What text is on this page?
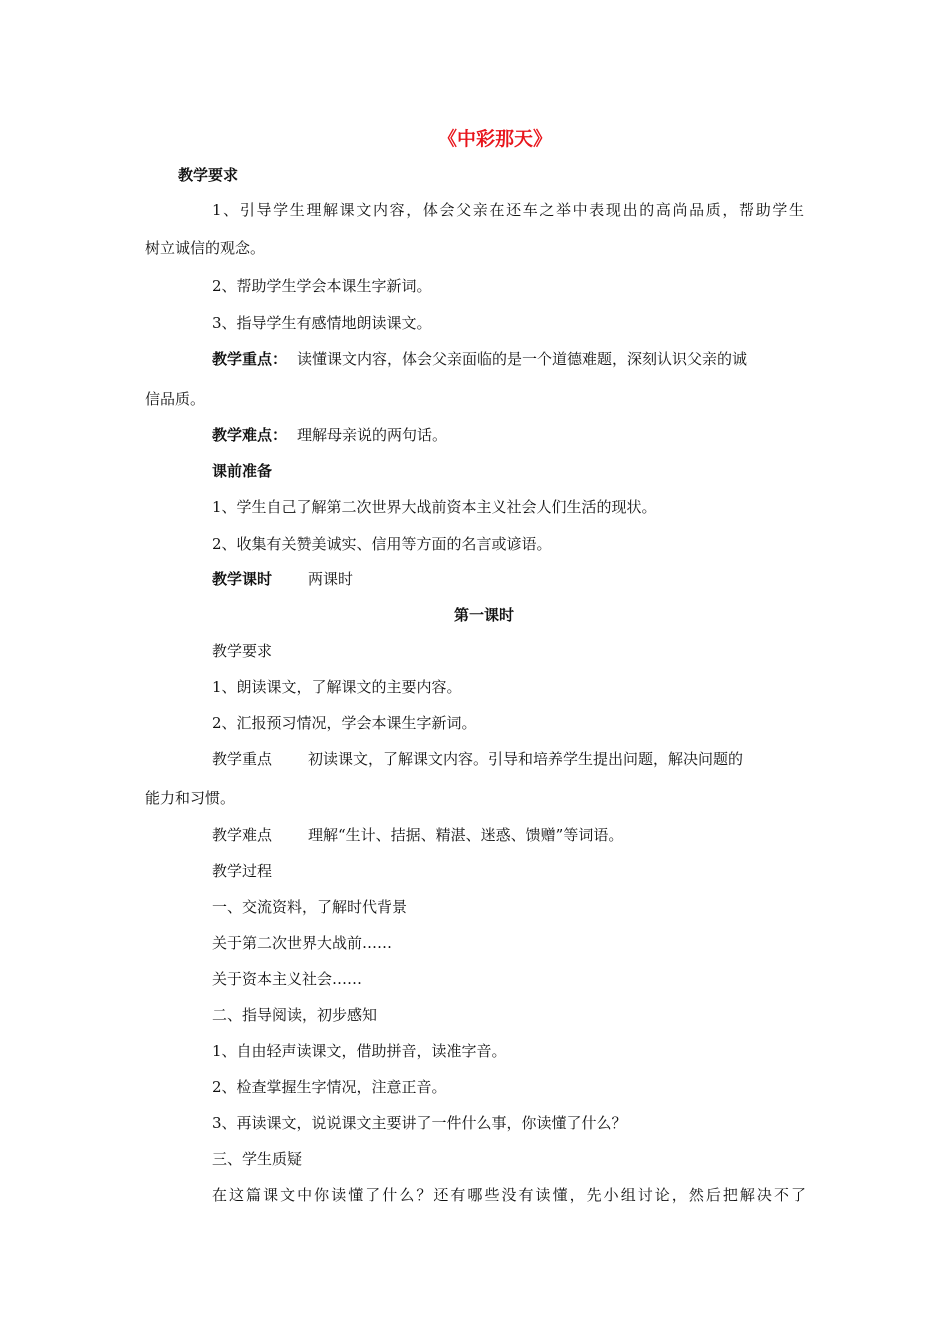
《中彩那天》
教学要求
1、引导学生理解课文内容，体会父亲在还车之举中表现出的高尚品质，帮助学生
树立诚信的观念。
2、帮助学生学会本课生字新词。
3、指导学生有感情地朗读课文。
教学重点： 读懂课文内容，体会父亲面临的是一个道德难题，深刻认识父亲的诚
信品质。
教学难点： 理解母亲说的两句话。
课前准备
1、学生自己了解第二次世界大战前资本主义社会人们生活的现状。
2、收集有关赞美诚实、信用等方面的名言或谚语。
教学课时 两课时
第一课时
教学要求
1、朗读课文，了解课文的主要内容。
2、汇报预习情况，学会本课生字新词。
教学重点 初读课文，了解课文内容。引导和培养学生提出问题，解决问题的
能力和习惯。
教学难点 理解“生计、拮据、精湛、迷惑、馈赠”等词语。
教学过程
一、交流资料，了解时代背景
关于第二次世界大战前……
关于资本主义社会……
二、指导阅读，初步感知
1、自由轻声读课文，借助拼音，读准字音。
2、检查掌握生字情况，注意正音。
3、再读课文，说说课文主要讲了一件什么事，你读懂了什么？
三、学生质疑
在这篇课文中你读懂了什么？还有哪些没有读懂，先小组讨论，然后把解决不了
